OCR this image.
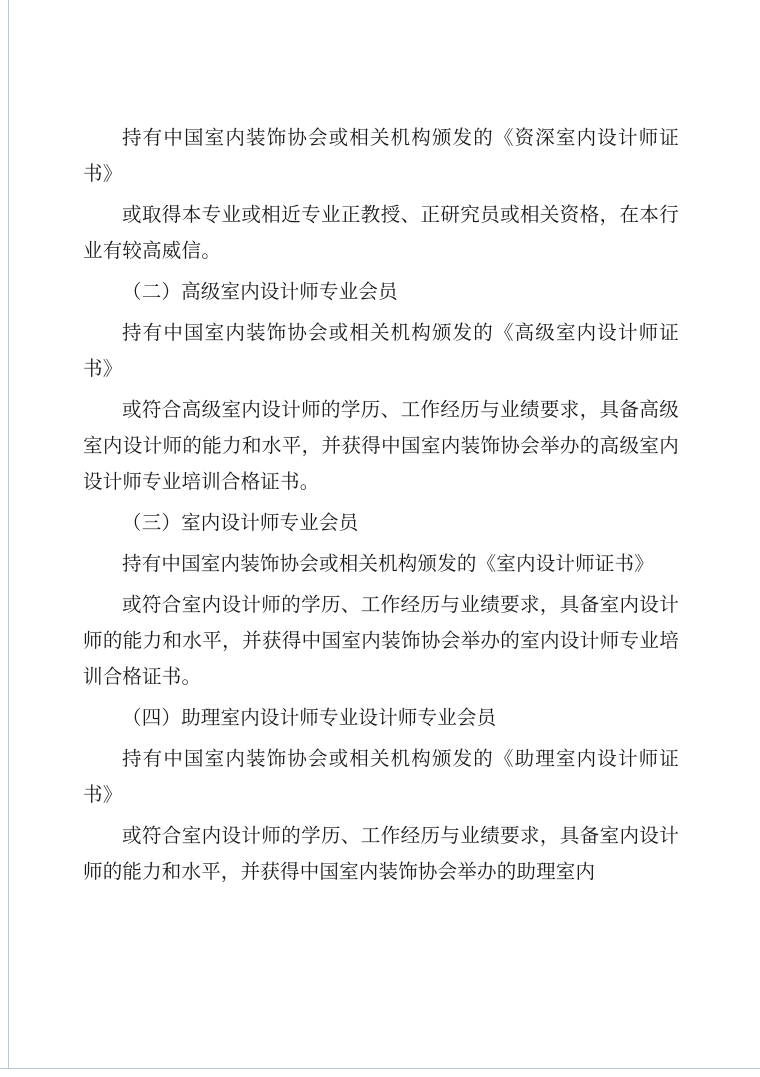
持有中国室内装饰协会或相关机构颁发的《资深室内设计师证书》

或取得本专业或相近专业正教授、正研究员或相关资格，在本行业有较高威信。

（二）高级室内设计师专业会员

持有中国室内装饰协会或相关机构颁发的《高级室内设计师证书》

或符合高级室内设计师的学历、工作经历与业绩要求，具备高级室内设计师的能力和水平，并获得中国室内装饰协会举办的高级室内设计师专业培训合格证书。

（三）室内设计师专业会员

持有中国室内装饰协会或相关机构颁发的《室内设计师证书》

或符合室内设计师的学历、工作经历与业绩要求，具备室内设计师的能力和水平，并获得中国室内装饰协会举办的室内设计师专业培训合格证书。

（四）助理室内设计师专业设计师专业会员

持有中国室内装饰协会或相关机构颁发的《助理室内设计师证书》

或符合室内设计师的学历、工作经历与业绩要求，具备室内设计师的能力和水平，并获得中国室内装饰协会举办的助理室内
